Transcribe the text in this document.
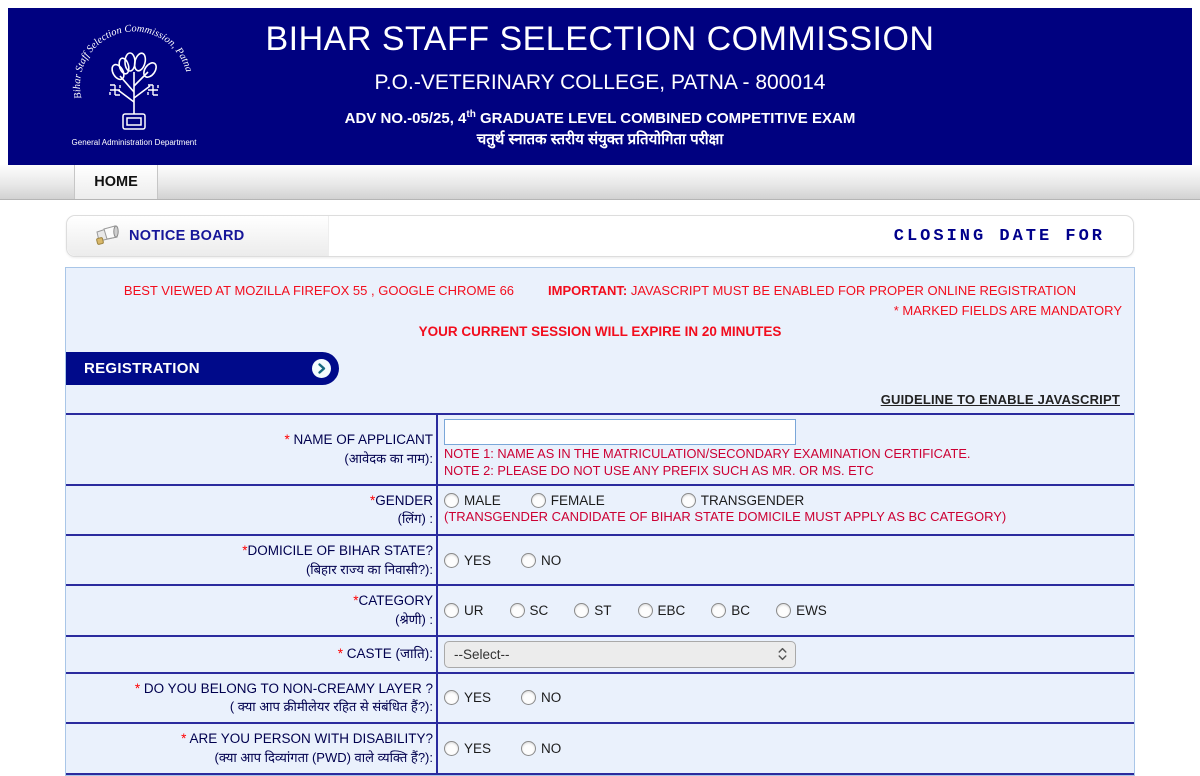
Bihar Staff Selection Commission, Patna
General Administration Department
BIHAR STAFF SELECTION COMMISSION
P.O.-VETERINARY COLLEGE, PATNA - 800014
ADV NO.-05/25, 4th GRADUATE LEVEL COMBINED COMPETITIVE EXAM
चतुर्थ स्नातक स्तरीय संयुक्त प्रतियोगिता परीक्षा
HOME
NOTICE BOARD	CLOSING DATE FOR
BEST VIEWED AT MOZILLA FIREFOX 55 , GOOGLE CHROME 66	IMPORTANT: JAVASCRIPT MUST BE ENABLED FOR PROPER ONLINE REGISTRATION
* MARKED FIELDS ARE MANDATORY
YOUR CURRENT SESSION WILL EXPIRE IN 20 MINUTES
REGISTRATION
GUIDELINE TO ENABLE JAVASCRIPT
* NAME OF APPLICANT
(आवेदक का नाम): NOTE 1: NAME AS IN THE MATRICULATION/SECONDARY EXAMINATION CERTIFICATE.
NOTE 2: PLEASE DO NOT USE ANY PREFIX SUCH AS MR. OR MS. ETC
*GENDER
(लिंग) :
MALE	FEMALE	TRANSGENDER
(TRANSGENDER CANDIDATE OF BIHAR STATE DOMICILE MUST APPLY AS BC CATEGORY)
*DOMICILE OF BIHAR STATE?
(बिहार राज्य का निवासी?):
YES	NO
*CATEGORY
(श्रेणी) :
UR	SC	ST	EBC	BC	EWS
* CASTE (जाति): --Select--
* DO YOU BELONG TO NON-CREAMY LAYER ?
( क्या आप क्रीमीलेयर रहित से संबंधित हैं?):
YES	NO
* ARE YOU PERSON WITH DISABILITY?
(क्या आप दिव्यांगता (PWD) वाले व्यक्ति हैं?):
YES	NO
